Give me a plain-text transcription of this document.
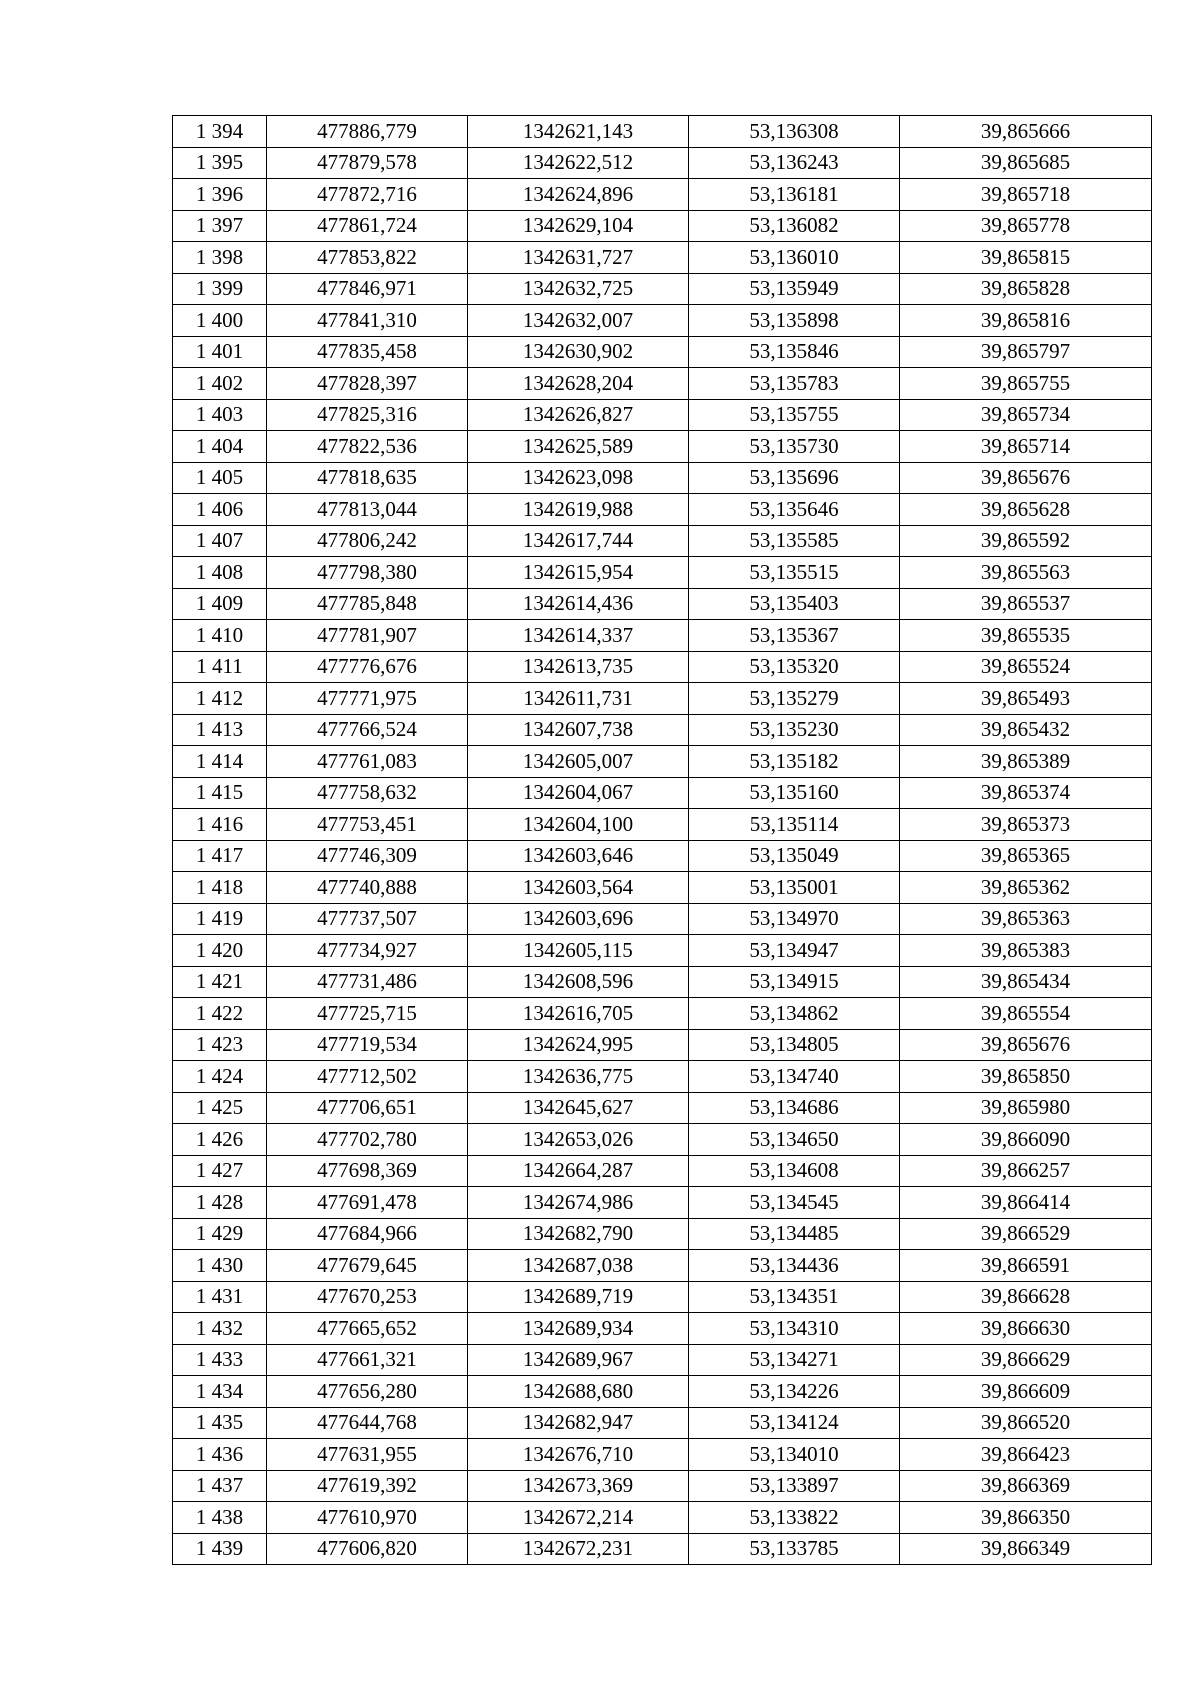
1 394	477886,779	1342621,143	53,136308	39,865666
1 395	477879,578	1342622,512	53,136243	39,865685
1 396	477872,716	1342624,896	53,136181	39,865718
1 397	477861,724	1342629,104	53,136082	39,865778
1 398	477853,822	1342631,727	53,136010	39,865815
1 399	477846,971	1342632,725	53,135949	39,865828
1 400	477841,310	1342632,007	53,135898	39,865816
1 401	477835,458	1342630,902	53,135846	39,865797
1 402	477828,397	1342628,204	53,135783	39,865755
1 403	477825,316	1342626,827	53,135755	39,865734
1 404	477822,536	1342625,589	53,135730	39,865714
1 405	477818,635	1342623,098	53,135696	39,865676
1 406	477813,044	1342619,988	53,135646	39,865628
1 407	477806,242	1342617,744	53,135585	39,865592
1 408	477798,380	1342615,954	53,135515	39,865563
1 409	477785,848	1342614,436	53,135403	39,865537
1 410	477781,907	1342614,337	53,135367	39,865535
1 411	477776,676	1342613,735	53,135320	39,865524
1 412	477771,975	1342611,731	53,135279	39,865493
1 413	477766,524	1342607,738	53,135230	39,865432
1 414	477761,083	1342605,007	53,135182	39,865389
1 415	477758,632	1342604,067	53,135160	39,865374
1 416	477753,451	1342604,100	53,135114	39,865373
1 417	477746,309	1342603,646	53,135049	39,865365
1 418	477740,888	1342603,564	53,135001	39,865362
1 419	477737,507	1342603,696	53,134970	39,865363
1 420	477734,927	1342605,115	53,134947	39,865383
1 421	477731,486	1342608,596	53,134915	39,865434
1 422	477725,715	1342616,705	53,134862	39,865554
1 423	477719,534	1342624,995	53,134805	39,865676
1 424	477712,502	1342636,775	53,134740	39,865850
1 425	477706,651	1342645,627	53,134686	39,865980
1 426	477702,780	1342653,026	53,134650	39,866090
1 427	477698,369	1342664,287	53,134608	39,866257
1 428	477691,478	1342674,986	53,134545	39,866414
1 429	477684,966	1342682,790	53,134485	39,866529
1 430	477679,645	1342687,038	53,134436	39,866591
1 431	477670,253	1342689,719	53,134351	39,866628
1 432	477665,652	1342689,934	53,134310	39,866630
1 433	477661,321	1342689,967	53,134271	39,866629
1 434	477656,280	1342688,680	53,134226	39,866609
1 435	477644,768	1342682,947	53,134124	39,866520
1 436	477631,955	1342676,710	53,134010	39,866423
1 437	477619,392	1342673,369	53,133897	39,866369
1 438	477610,970	1342672,214	53,133822	39,866350
1 439	477606,820	1342672,231	53,133785	39,866349
